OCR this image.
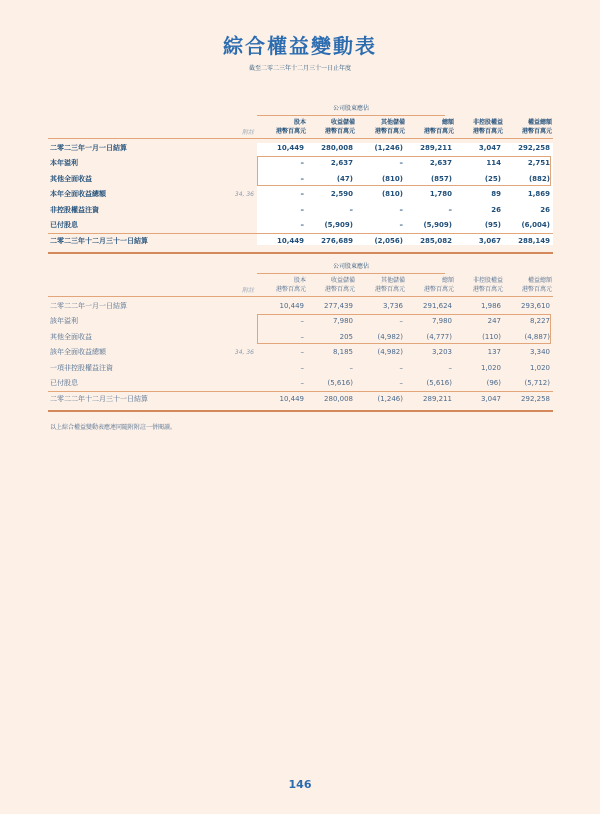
綜合權益變動表
截至二零二三年十二月三十一日止年度
公司股東應佔
股本
港幣百萬元
收益儲備
港幣百萬元
其他儲備
港幣百萬元
總額
港幣百萬元
非控股權益
港幣百萬元
權益總額
港幣百萬元
附註
二零二三年一月一日結算	10,449	280,008	(1,246)	289,211	3,047	292,258
本年溢利	–	2,637	–	2,637	114	2,751
其他全面收益	–	(47)	(810)	(857)	(25)	(882)
本年全面收益總額	34, 36	–	2,590	(810)	1,780	89	1,869
非控股權益注資	–	–	–	–	26	26
已付股息	–	(5,909)	–	(5,909)	(95)	(6,004)
二零二三年十二月三十一日結算	10,449	276,689	(2,056)	285,082	3,067	288,149
公司股東應佔
股本
港幣百萬元
收益儲備
港幣百萬元
其他儲備
港幣百萬元
總額
港幣百萬元
非控股權益
港幣百萬元
權益總額
港幣百萬元
附註
二零二二年一月一日結算	10,449	277,439	3,736	291,624	1,986	293,610
該年溢利	–	7,980	–	7,980	247	8,227
其他全面收益	–	205	(4,982)	(4,777)	(110)	(4,887)
該年全面收益總額	34, 36	–	8,185	(4,982)	3,203	137	3,340
一項非控股權益注資	–	–	–	–	1,020	1,020
已付股息	–	(5,616)	–	(5,616)	(96)	(5,712)
二零二二年十二月三十一日結算	10,449	280,008	(1,246)	289,211	3,047	292,258
以上綜合權益變動表應連同隨附附註一併閱讀。
146
